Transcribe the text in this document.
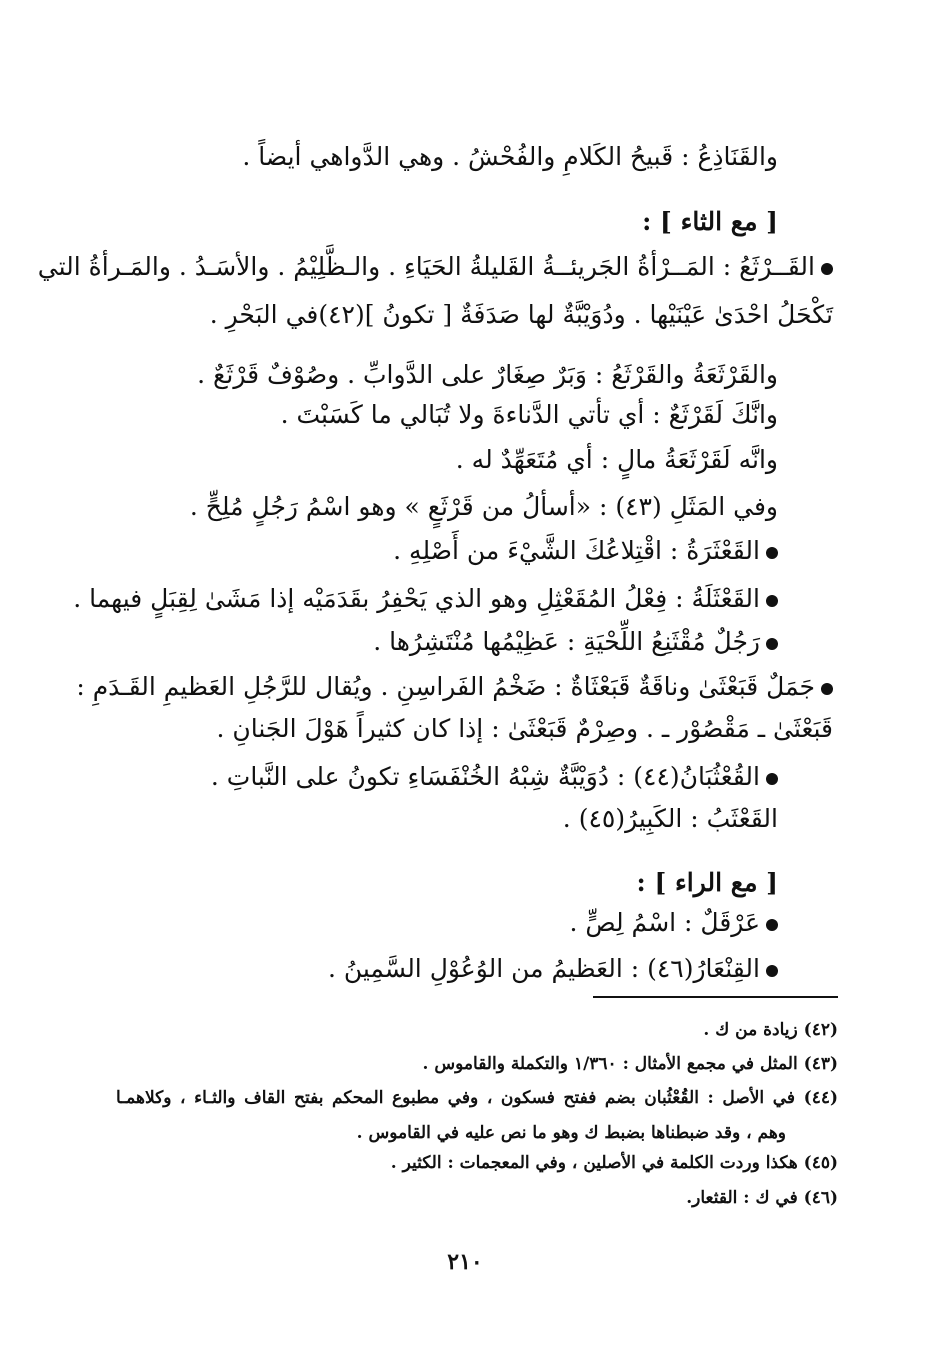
والقَنَاذِعُ : قَبيحُ الكَلامِ والفُحْشُ . وهي الدَّواهي أيضاً .
[ مع الثاء ] :
القَــرْثَعُ : المَــرْأةُ الجَريئــةُ القَليلةُ الحَيَاءِ . والـظَّلِيْمُ . والأسَـدُ . والمَـرأةُ التي
تَكْحَلُ احْدَىٰ عَيْنَيْها . ودُوَيْبَّةٌ لها صَدَفَةٌ [ تكونُ ](٤٢)في البَحْرِ .
والقَرْثَعَةُ والقَرْثَعُ : وَبَرٌ صِغَارٌ على الدَّوابِّ . وصُوْفٌ قَرْثَعٌ .
وانَّكَ لَقَرْثَعٌ : أي تأتي الدَّناءةَ ولا تُبَالي ما كَسَبْتَ .
وانَّه لَقَرْثَعَةُ مالٍ : أي مُتَعَهِّدٌ له .
وفي المَثَلِ (٤٣) : «أسألُ من قَرْثَعٍ » وهو اسْمُ رَجُلٍ مُلِحٍّ .
القَعْثَرَةُ : اقْتِلاعُكَ الشَّيْءَ من أَصْلِهِ .
القَعْثَلَةُ : فِعْلُ المُقَعْثِلِ وهو الذي يَحْفِرُ بقَدَمَيْه إذا مَشَىٰ لِقِبَلٍ فيهما .
رَجُلٌ مُقْثَنِعُ اللِّحْيَةِ : عَظِيْمُها مُنْتَشِرُها .
جَمَلٌ قَبَعْثَىٰ وناقَةٌ قَبَعْثَاةٌ : ضَخْمُ الفَراسِنِ . ويُقال للرَّجُلِ العَظيمِ القَـدَمِ :
قَبَعْثَىٰ ـ مَقْصُوْر ـ . وصِرْمٌ قَبَعْثَىٰ : إذا كان كثيراً هَوْلَ الجَنانِ .
القُعْثُبَانُ(٤٤) : دُوَيْبَّةٌ شِبْهُ الخُنْفَسَاءِ تكونُ على النَّباتِ .
القَعْثَبُ : الكَبِيرُ(٤٥) .
[ مع الراء ] :
عَرْقَلٌ : اسْمُ لِصٍّ .
القِنْعَارُ(٤٦) : العَظيمُ من الوُعُوْلِ السَّمِينُ .
(٤٢) زيادة من ك .
(٤٣) المثل في مجمع الأمثال : ١/٣٦٠ والتكملة والقاموس .
(٤٤) في الأصل : القُعْثُبان بضم ففتح فسكون ، وفي مطبوع المحكم بفتح القاف والثـاء ، وكلاهمـا
وهم ، وقد ضبطناها بضبط ك وهو ما نص عليه في القاموس .
(٤٥) هكذا وردت الكلمة في الأصلين ، وفي المعجمات : الكثير .
(٤٦) في ك : القثعار.
٢١٠
